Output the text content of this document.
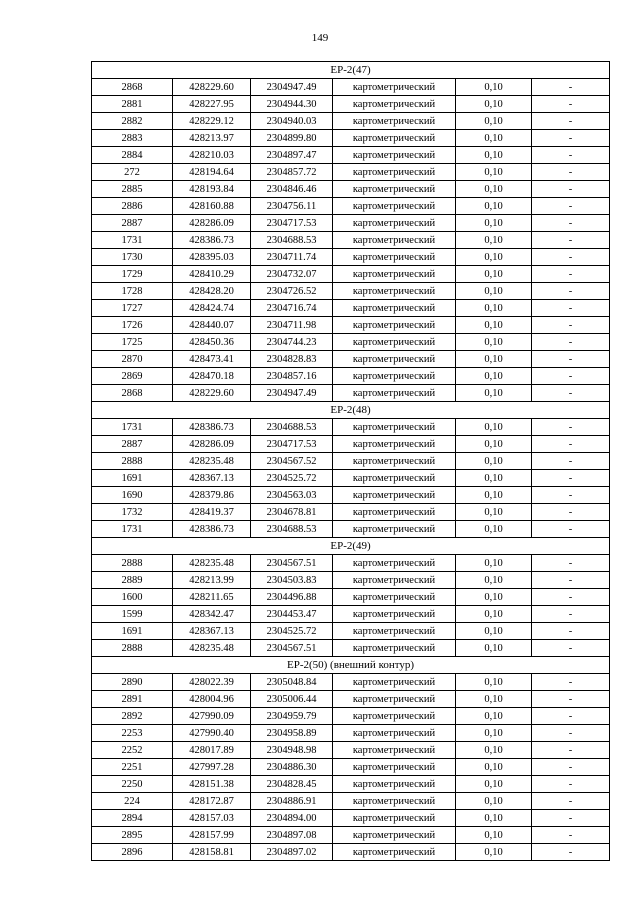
149
ЕР-2(47)					
2868	428229.60	2304947.49	картометрический	0,10	-
2881	428227.95	2304944.30	картометрический	0,10	-
2882	428229.12	2304940.03	картометрический	0,10	-
2883	428213.97	2304899.80	картометрический	0,10	-
2884	428210.03	2304897.47	картометрический	0,10	-
272	428194.64	2304857.72	картометрический	0,10	-
2885	428193.84	2304846.46	картометрический	0,10	-
2886	428160.88	2304756.11	картометрический	0,10	-
2887	428286.09	2304717.53	картометрический	0,10	-
1731	428386.73	2304688.53	картометрический	0,10	-
1730	428395.03	2304711.74	картометрический	0,10	-
1729	428410.29	2304732.07	картометрический	0,10	-
1728	428428.20	2304726.52	картометрический	0,10	-
1727	428424.74	2304716.74	картометрический	0,10	-
1726	428440.07	2304711.98	картометрический	0,10	-
1725	428450.36	2304744.23	картометрический	0,10	-
2870	428473.41	2304828.83	картометрический	0,10	-
2869	428470.18	2304857.16	картометрический	0,10	-
2868	428229.60	2304947.49	картометрический	0,10	-
ЕР-2(48)					
1731	428386.73	2304688.53	картометрический	0,10	-
2887	428286.09	2304717.53	картометрический	0,10	-
2888	428235.48	2304567.52	картометрический	0,10	-
1691	428367.13	2304525.72	картометрический	0,10	-
1690	428379.86	2304563.03	картометрический	0,10	-
1732	428419.37	2304678.81	картометрический	0,10	-
1731	428386.73	2304688.53	картометрический	0,10	-
ЕР-2(49)					
2888	428235.48	2304567.51	картометрический	0,10	-
2889	428213.99	2304503.83	картометрический	0,10	-
1600	428211.65	2304496.88	картометрический	0,10	-
1599	428342.47	2304453.47	картометрический	0,10	-
1691	428367.13	2304525.72	картометрический	0,10	-
2888	428235.48	2304567.51	картометрический	0,10	-
ЕР-2(50) (внешний контур)					
2890	428022.39	2305048.84	картометрический	0,10	-
2891	428004.96	2305006.44	картометрический	0,10	-
2892	427990.09	2304959.79	картометрический	0,10	-
2253	427990.40	2304958.89	картометрический	0,10	-
2252	428017.89	2304948.98	картометрический	0,10	-
2251	427997.28	2304886.30	картометрический	0,10	-
2250	428151.38	2304828.45	картометрический	0,10	-
224	428172.87	2304886.91	картометрический	0,10	-
2894	428157.03	2304894.00	картометрический	0,10	-
2895	428157.99	2304897.08	картометрический	0,10	-
2896	428158.81	2304897.02	картометрический	0,10	-
